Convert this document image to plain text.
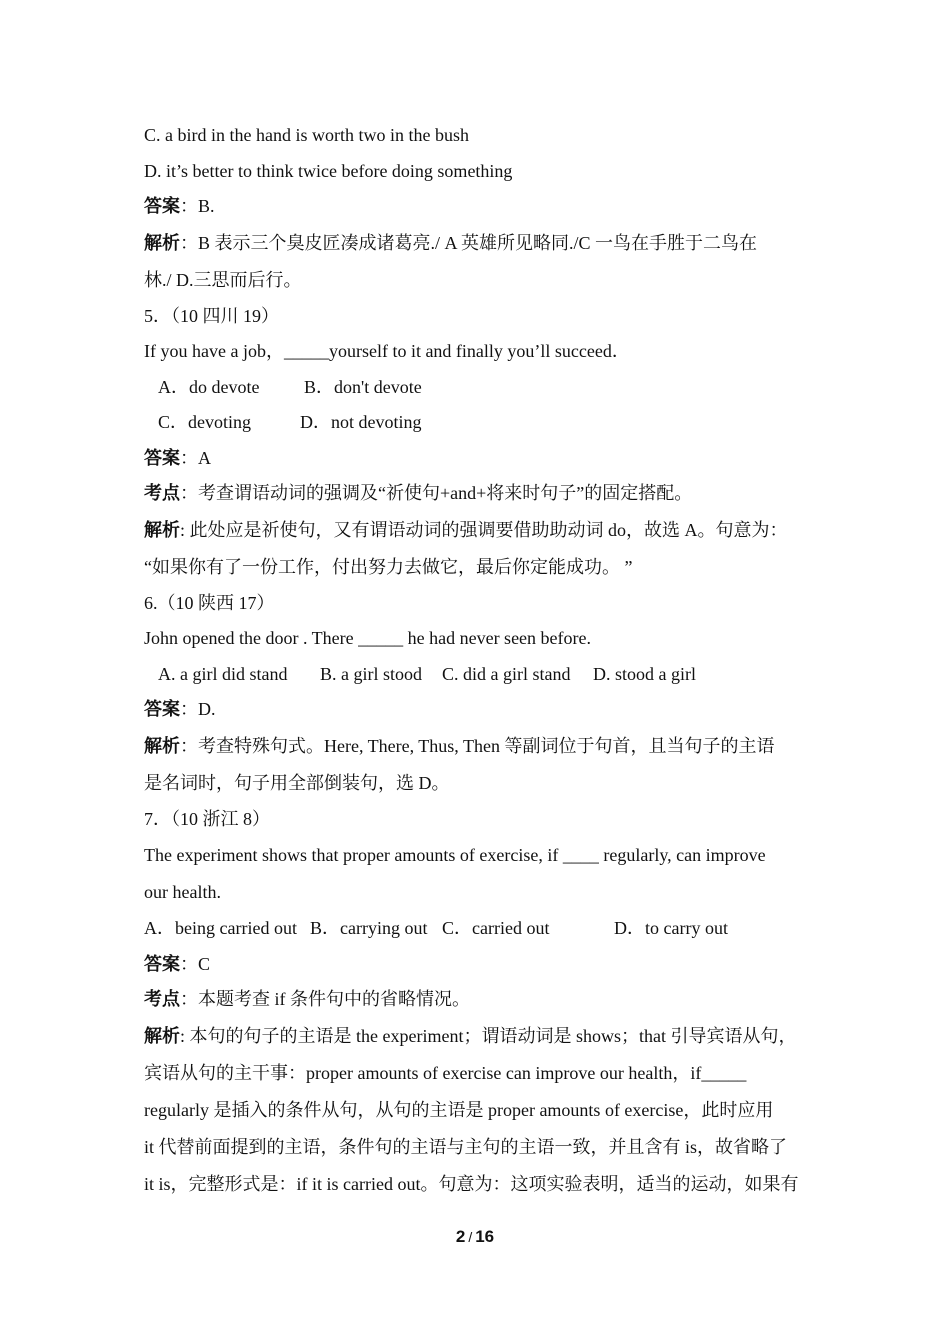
C. a bird in the hand is worth two in the bush
D. it’s better to think twice before doing something
答案：B.
解析：B 表示三个臭皮匠凑成诸葛亮./ A 英雄所见略同./C 一鸟在手胜于二鸟在
林./ D.三思而后行。
5．（10 四川 19）
If you have a job，_____yourself to it and finally you’ll succeed．
A．do devote B．don't devote
C．devoting	D．not devoting
答案：A
考点：考查谓语动词的强调及“祈使句+and+将来时句子”的固定搭配。
解析: 此处应是祈使句，又有谓语动词的强调要借助助动词 do，故选 A。句意为：
“如果你有了一份工作，付出努力去做它，最后你定能成功。 ”
6.（10 陕西 17）
John opened the door . There _____ he had never seen before.
A. a girl did stand B. a girl stood C. did a girl stand D. stood a girl
答案：D.
解析：考查特殊句式。Here, There, Thus, Then 等副词位于句首，且当句子的主语
是名词时，句子用全部倒装句，选 D。
7．（10 浙江 8）
The experiment shows that proper amounts of exercise, if ____ regularly, can improve
our health.
A．being carried out B．carrying out C．carried out	D．to carry out
答案：C
考点：本题考查 if 条件句中的省略情况。
解析: 本句的句子的主语是 the experiment；谓语动词是 shows；that 引导宾语从句，
宾语从句的主干事：proper amounts of exercise can improve our health，if_____
regularly 是插入的条件从句，从句的主语是 proper amounts of exercise，此时应用
it 代替前面提到的主语，条件句的主语与主句的主语一致，并且含有 is，故省略了
it is，完整形式是：if it is carried out。句意为：这项实验表明，适当的运动，如果有
2 / 16
